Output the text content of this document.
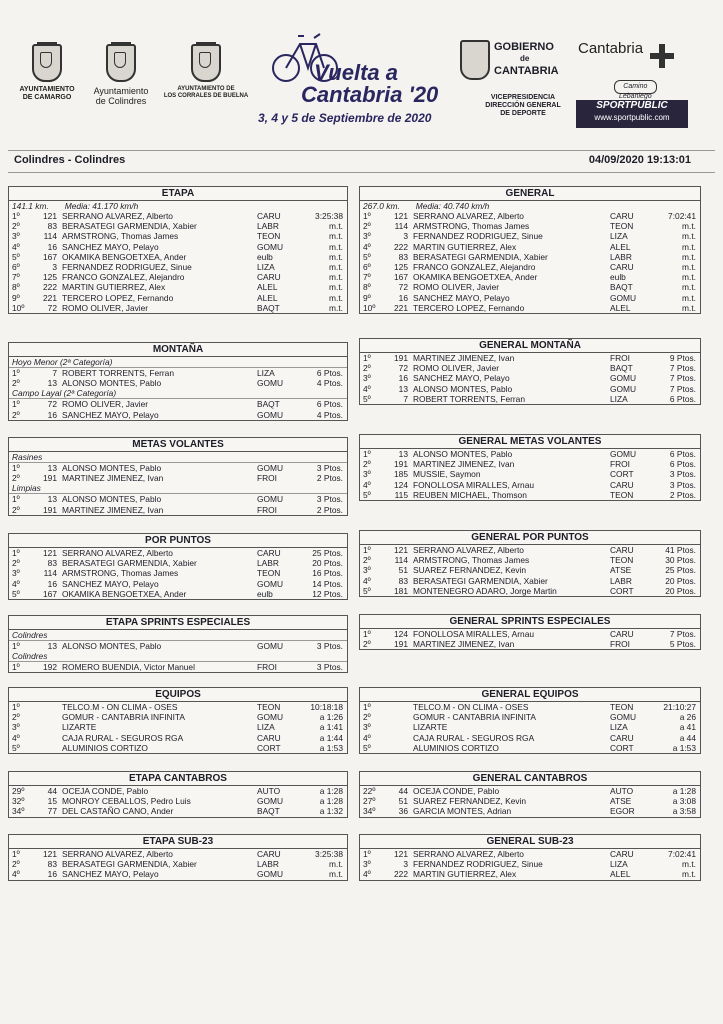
AYUNTAMIENTO
DE CAMARGO
Ayuntamiento
de Colindres
AYUNTAMIENTO DE
LOS CORRALES DE BUELNA
Vuelta a
Cantabria '20
3, 4 y 5 de Septiembre de 2020
GOBIERNO
de
CANTABRIA
VICEPRESIDENCIA
DIRECCIÓN GENERAL
DE DEPORTE
Cantabria
Camino
Lebaniego
SPORTPUBLIC
www.sportpublic.com
Colindres - Colindres	04/09/2020 19:13:01
ETAPA
141.1 km. Media: 41.170 km/h
1º	121 SERRANO ALVAREZ, Alberto	CARU	3:25:38
2º	83 BERASATEGI GARMENDIA, Xabier	LABR	m.t.
3º	114 ARMSTRONG, Thomas James	TEON	m.t.
4º	16 SANCHEZ MAYO, Pelayo	GOMU	m.t.
5º	167 OKAMIKA BENGOETXEA, Ander	eulb	m.t.
6º	3 FERNANDEZ RODRIGUEZ, Sinue	LIZA	m.t.
7º	125 FRANCO GONZALEZ, Alejandro	CARU	m.t.
8º	222 MARTIN GUTIERREZ, Alex	ALEL	m.t.
9º	221 TERCERO LOPEZ, Fernando	ALEL	m.t.
10º	72 ROMO OLIVER, Javier	BAQT	m.t.
MONTAÑA
Hoyo Menor (2ª Categoría)
1º	7 ROBERT TORRENTS, Ferran	LIZA	6 Ptos.
2º	13 ALONSO MONTES, Pablo	GOMU	4 Ptos.
Campo Layal (2ª Categoría)
1º	72 ROMO OLIVER, Javier	BAQT	6 Ptos.
2º	16 SANCHEZ MAYO, Pelayo	GOMU	4 Ptos.
METAS VOLANTES
Rasines
1º	13 ALONSO MONTES, Pablo	GOMU	3 Ptos.
2º	191 MARTINEZ JIMENEZ, Ivan	FROI	2 Ptos.
Limpias
1º	13 ALONSO MONTES, Pablo	GOMU	3 Ptos.
2º	191 MARTINEZ JIMENEZ, Ivan	FROI	2 Ptos.
POR PUNTOS
1º	121 SERRANO ALVAREZ, Alberto	CARU	25 Ptos.
2º	83 BERASATEGI GARMENDIA, Xabier	LABR	20 Ptos.
3º	114 ARMSTRONG, Thomas James	TEON	16 Ptos.
4º	16 SANCHEZ MAYO, Pelayo	GOMU	14 Ptos.
5º	167 OKAMIKA BENGOETXEA, Ander	eulb	12 Ptos.
ETAPA SPRINTS ESPECIALES
Colindres
1º	13 ALONSO MONTES, Pablo	GOMU	3 Ptos.
Colindres
1º	192 ROMERO BUENDIA, Victor Manuel	FROI	3 Ptos.
EQUIPOS
1º	TELCO.M - ON CLIMA - OSES	TEON	10:18:18
2º	GOMUR - CANTABRIA INFINITA	GOMU	a 1:26
3º	LIZARTE	LIZA	a 1:41
4º	CAJA RURAL - SEGUROS RGA	CARU	a 1:44
5º	ALUMINIOS CORTIZO	CORT	a 1:53
ETAPA CANTABROS
29º	44 OCEJA CONDE, Pablo	AUTO	a 1:28
32º	15 MONROY CEBALLOS, Pedro Luis	GOMU	a 1:28
34º	77 DEL CASTAÑO CANO, Ander	BAQT	a 1:32
ETAPA SUB-23
1º	121 SERRANO ALVAREZ, Alberto	CARU	3:25:38
2º	83 BERASATEGI GARMENDIA, Xabier	LABR	m.t.
4º	16 SANCHEZ MAYO, Pelayo	GOMU	m.t.
GENERAL
267.0 km. Media: 40.740 km/h
1º	121 SERRANO ALVAREZ, Alberto	CARU	7:02:41
2º	114 ARMSTRONG, Thomas James	TEON	m.t.
3º	3 FERNANDEZ RODRIGUEZ, Sinue	LIZA	m.t.
4º	222 MARTIN GUTIERREZ, Alex	ALEL	m.t.
5º	83 BERASATEGI GARMENDIA, Xabier	LABR	m.t.
6º	125 FRANCO GONZALEZ, Alejandro	CARU	m.t.
7º	167 OKAMIKA BENGOETXEA, Ander	eulb	m.t.
8º	72 ROMO OLIVER, Javier	BAQT	m.t.
9º	16 SANCHEZ MAYO, Pelayo	GOMU	m.t.
10º	221 TERCERO LOPEZ, Fernando	ALEL	m.t.
GENERAL MONTAÑA
1º	191 MARTINEZ JIMENEZ, Ivan	FROI	9 Ptos.
2º	72 ROMO OLIVER, Javier	BAQT	7 Ptos.
3º	16 SANCHEZ MAYO, Pelayo	GOMU	7 Ptos.
4º	13 ALONSO MONTES, Pablo	GOMU	7 Ptos.
5º	7 ROBERT TORRENTS, Ferran	LIZA	6 Ptos.
GENERAL METAS VOLANTES
1º	13 ALONSO MONTES, Pablo	GOMU	6 Ptos.
2º	191 MARTINEZ JIMENEZ, Ivan	FROI	6 Ptos.
3º	185 MUSSIE, Saymon	CORT	3 Ptos.
4º	124 FONOLLOSA MIRALLES, Arnau	CARU	3 Ptos.
5º	115 REUBEN MICHAEL, Thomson	TEON	2 Ptos.
GENERAL POR PUNTOS
1º	121 SERRANO ALVAREZ, Alberto	CARU	41 Ptos.
2º	114 ARMSTRONG, Thomas James	TEON	30 Ptos.
3º	51 SUAREZ FERNANDEZ, Kevin	ATSE	25 Ptos.
4º	83 BERASATEGI GARMENDIA, Xabier	LABR	20 Ptos.
5º	181 MONTENEGRO ADARO, Jorge Martin	CORT	20 Ptos.
GENERAL SPRINTS ESPECIALES
1º	124 FONOLLOSA MIRALLES, Arnau	CARU	7 Ptos.
2º	191 MARTINEZ JIMENEZ, Ivan	FROI	5 Ptos.
GENERAL EQUIPOS
1º	TELCO.M - ON CLIMA - OSES	TEON	21:10:27
2º	GOMUR - CANTABRIA INFINITA	GOMU	a 26
3º	LIZARTE	LIZA	a 41
4º	CAJA RURAL - SEGUROS RGA	CARU	a 44
5º	ALUMINIOS CORTIZO	CORT	a 1:53
GENERAL CANTABROS
22º	44 OCEJA CONDE, Pablo	AUTO	a 1:28
27º	51 SUAREZ FERNANDEZ, Kevin	ATSE	a 3:08
34º	36 GARCIA MONTES, Adrian	EGOR	a 3:58
GENERAL SUB-23
1º	121 SERRANO ALVAREZ, Alberto	CARU	7:02:41
3º	3 FERNANDEZ RODRIGUEZ, Sinue	LIZA	m.t.
4º	222 MARTIN GUTIERREZ, Alex	ALEL	m.t.
